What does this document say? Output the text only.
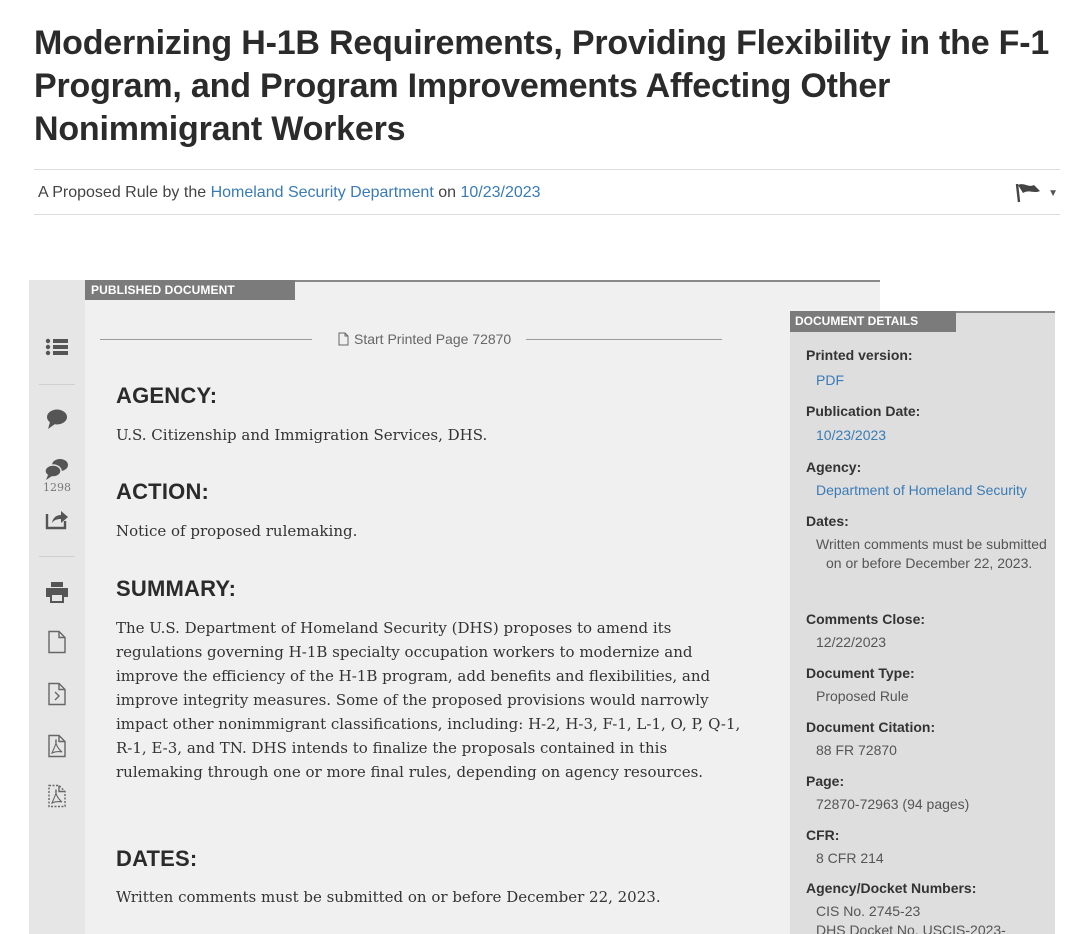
Modernizing H-1B Requirements, Providing Flexibility in the F-1 Program, and Program Improvements Affecting Other Nonimmigrant Workers
A Proposed Rule by the Homeland Security Department on 10/23/2023	▼
1298
PUBLISHED DOCUMENT
Start Printed Page 72870
AGENCY:

U.S. Citizenship and Immigration Services, DHS.

ACTION:

Notice of proposed rulemaking.

SUMMARY:

The U.S. Department of Homeland Security (DHS) proposes to amend its regulations governing H-1B specialty occupation workers to modernize and improve the efficiency of the H-1B program, add benefits and flexibilities, and improve integrity measures. Some of the proposed provisions would narrowly impact other nonimmigrant classifications, including: H-2, H-3, F-1, L-1, O, P, Q-1, R-1, E-3, and TN. DHS intends to finalize the proposals contained in this rulemaking through one or more final rules, depending on agency resources.

DATES:

Written comments must be submitted on or before December 22, 2023.

DOCUMENT DETAILS
Printed version:
PDF
Publication Date:
10/23/2023
Agency:
Department of Homeland Security
Dates:
Written comments must be submitted on or before December 22, 2023.
Comments Close:
12/22/2023
Document Type:
Proposed Rule
Document Citation:
88 FR 72870
Page:
72870-72963 (94 pages)
CFR:
8 CFR 214
Agency/Docket Numbers:
CIS No. 2745-23
DHS Docket No. USCIS-2023-
